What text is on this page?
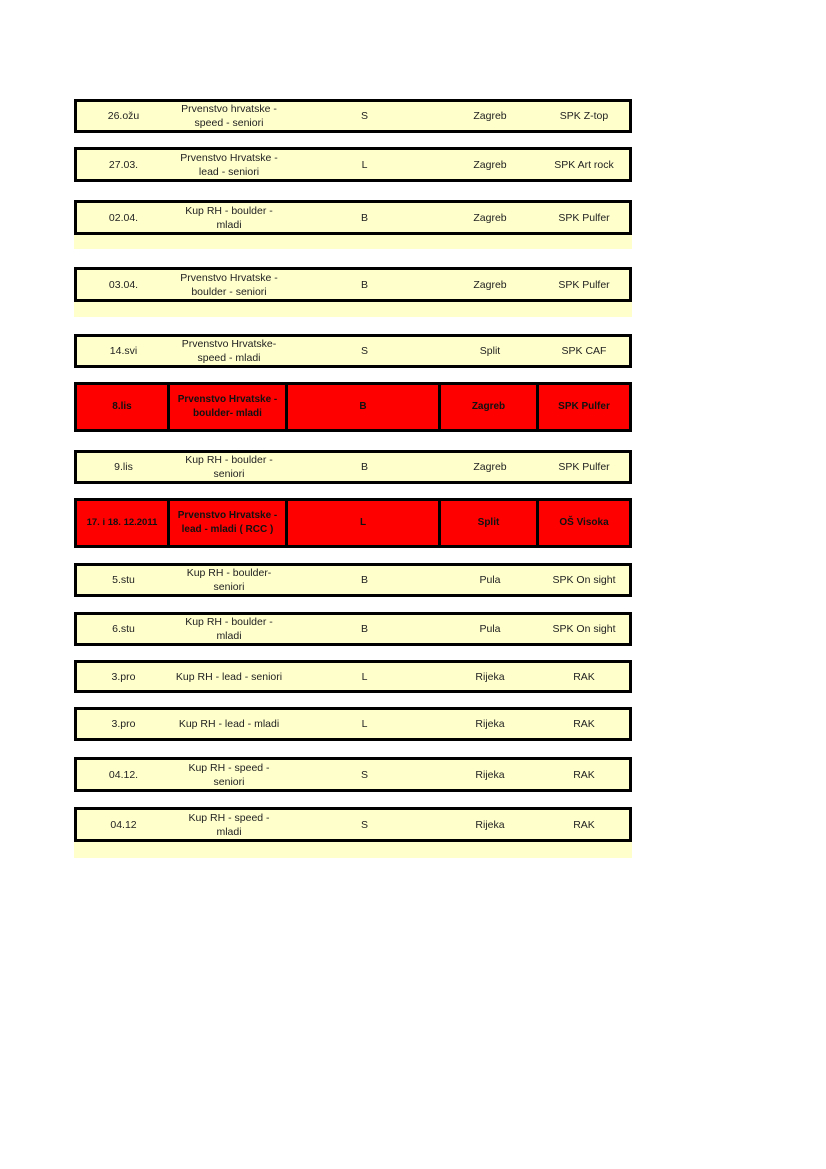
26.ožu
Prvenstvo hrvatske -
speed - seniori
S	Zagreb	SPK Z-top
27.03.
Prvenstvo Hrvatske -
lead - seniori
L	Zagreb	SPK Art rock
02.04.
Kup RH - boulder -
mladi
B	Zagreb	SPK Pulfer
03.04.
Prvenstvo Hrvatske -
boulder - seniori
B	Zagreb	SPK Pulfer
14.svi
Prvenstvo Hrvatske-
speed - mladi
S	Split	SPK CAF
8.lis
Prvenstvo Hrvatske -
boulder- mladi
B	Zagreb	SPK Pulfer
9.lis
Kup RH - boulder -
seniori
B	Zagreb	SPK Pulfer
17. i 18. 12.2011
Prvenstvo Hrvatske -
lead - mladi ( RCC )
L	Split	OŠ Visoka
5.stu
Kup RH - boulder-
seniori
B	Pula	SPK On sight
6.stu
Kup RH - boulder -
mladi
B	Pula	SPK On sight
3.pro	Kup RH - lead - seniori	L	Rijeka	RAK
3.pro	Kup RH - lead - mladi	L	Rijeka	RAK
04.12.
Kup RH - speed -
seniori
S	Rijeka	RAK
04.12
Kup RH - speed -
mladi
S	Rijeka	RAK
